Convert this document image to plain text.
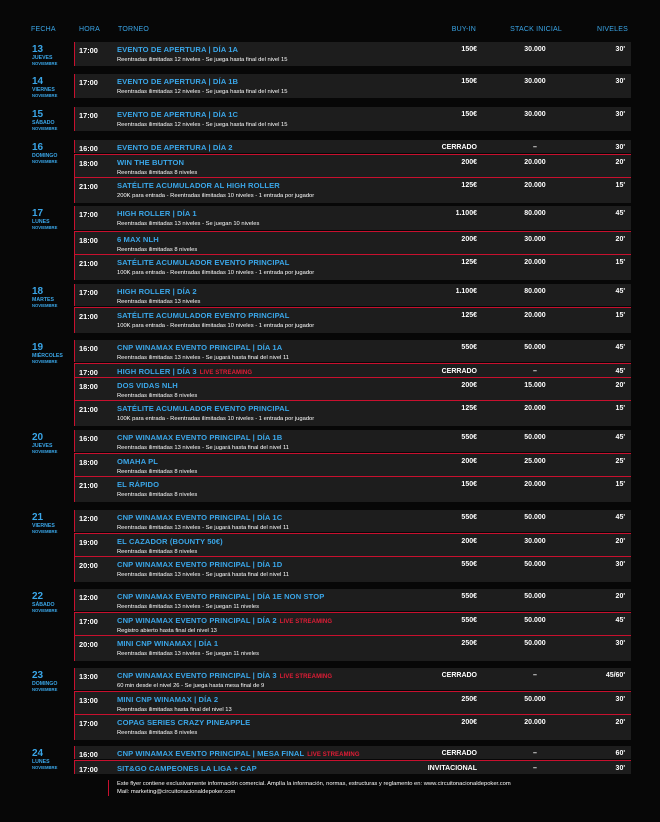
FECHA	HORA	TORNEO	BUY-IN	STACK INICIAL	NIVELES
13
JUEVES
NOVIEMBRE
17:00	EVENTO DE APERTURA | DÍA 1A
Reentradas ilimitadas 12 niveles - Se juega hasta final del nivel 15
150€	30.000	30'
14
VIERNES
NOVIEMBRE
17:00	EVENTO DE APERTURA | DÍA 1B
Reentradas ilimitadas 12 niveles - Se juega hasta final del nivel 15
150€	30.000	30'
15
SÁBADO
NOVIEMBRE
17:00	EVENTO DE APERTURA | DÍA 1C
Reentradas ilimitadas 12 niveles - Se juega hasta final del nivel 15
150€	30.000	30'
16
DOMINGO
NOVIEMBRE
16:00	EVENTO DE APERTURA | DÍA 2	CERRADO	–	30'
18:00	WIN THE BUTTON
Reentradas ilimitadas 8 niveles
200€	20.000	20'
21:00	SATÉLITE ACUMULADOR AL HIGH ROLLER
200K para entrada - Reentradas ilimitadas 10 niveles - 1 entrada por jugador
125€	20.000	15'
17
LUNES
NOVIEMBRE
17:00	HIGH ROLLER | DÍA 1
Reentradas ilimitadas 13 niveles - Se juegan 10 niveles
1.100€	80.000	45'
18:00	6 MAX NLH
Reentradas ilimitadas 8 niveles
200€	30.000	20'
21:00	SATÉLITE ACUMULADOR EVENTO PRINCIPAL
100K para entrada - Reentradas ilimitadas 10 niveles - 1 entrada por jugador
125€	20.000	15'
18
MARTES
NOVIEMBRE
17:00	HIGH ROLLER | DÍA 2
Reentradas ilimitadas 13 niveles
1.100€	80.000	45'
21:00	SATÉLITE ACUMULADOR EVENTO PRINCIPAL
100K para entrada - Reentradas ilimitadas 10 niveles - 1 entrada por jugador
125€	20.000	15'
19
MIÉRCOLES
NOVIEMBRE
16:00	CNP WINAMAX EVENTO PRINCIPAL | DÍA 1A
Reentradas ilimitadas 13 niveles - Se jugará hasta final del nivel 11
550€	50.000	45'
17:00	HIGH ROLLER | DÍA 3 LIVE STREAMING	CERRADO	–	45'
18:00	DOS VIDAS NLH
Reentradas ilimitadas 8 niveles
200€	15.000	20'
21:00	SATÉLITE ACUMULADOR EVENTO PRINCIPAL
100K para entrada - Reentradas ilimitadas 10 niveles - 1 entrada por jugador
125€	20.000	15'
20
JUEVES
NOVIEMBRE
16:00	CNP WINAMAX EVENTO PRINCIPAL | DÍA 1B
Reentradas ilimitadas 13 niveles - Se jugará hasta final del nivel 11
550€	50.000	45'
18:00	OMAHA PL
Reentradas ilimitadas 8 niveles
200€	25.000	25'
21:00	EL RÁPIDO
Reentradas ilimitadas 8 niveles
150€	20.000	15'
21
VIERNES
NOVIEMBRE
12:00	CNP WINAMAX EVENTO PRINCIPAL | DÍA 1C
Reentradas ilimitadas 13 niveles - Se jugará hasta final del nivel 11
550€	50.000	45'
19:00	EL CAZADOR (BOUNTY 50€)
Reentradas ilimitadas 8 niveles
200€	30.000	20'
20:00	CNP WINAMAX EVENTO PRINCIPAL | DÍA 1D
Reentradas ilimitadas 13 niveles - Se jugará hasta final del nivel 11
550€	50.000	30'
22
SÁBADO
NOVIEMBRE
12:00	CNP WINAMAX EVENTO PRINCIPAL | DÍA 1E NON STOP
Reentradas ilimitadas 13 niveles - Se juegan 11 niveles
550€	50.000	20'
17:00	CNP WINAMAX EVENTO PRINCIPAL | DÍA 2 LIVE STREAMING
Registro abierto hasta final del nivel 13
550€	50.000	45'
20:00	MINI CNP WINAMAX | DÍA 1
Reentradas ilimitadas 13 niveles - Se juegan 11 niveles
250€	50.000	30'
23
DOMINGO
NOVIEMBRE
13:00	CNP WINAMAX EVENTO PRINCIPAL | DÍA 3 LIVE STREAMING
60 min desde el nivel 26 - Se juega hasta mesa final de 9
CERRADO	–	45/60'
13:00	MINI CNP WINAMAX | DÍA 2
Reentradas ilimitadas hasta final del nivel 13
250€	50.000	30'
17:00	COPAG SERIES CRAZY PINEAPPLE
Reentradas ilimitadas 8 niveles
200€	20.000	20'
24
LUNES
NOVIEMBRE
16:00	CNP WINAMAX EVENTO PRINCIPAL | MESA FINAL LIVE STREAMING	CERRADO	–	60'
17:00	SIT&GO CAMPEONES LA LIGA + CAP	INVITACIONAL	–	30'
Este flyer contiene exclusivamente información comercial. Amplía la información, normas, estructuras y reglamento en: www.circuitonacionaldepoker.com
Mail: marketing@circuitonacionaldepoker.com
